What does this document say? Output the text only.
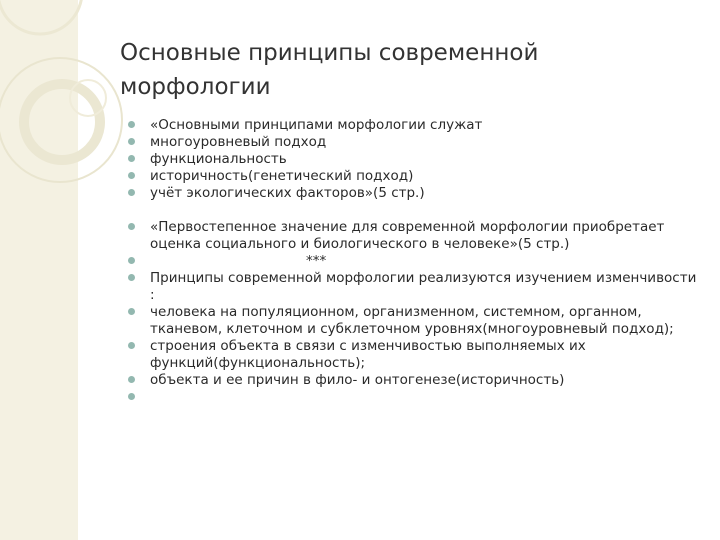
Основные принципы современной
морфологии
«Основными принципами морфологии служат
многоуровневый подход
функциональность
историчность(генетический подход)
учёт экологических факторов»(5 стр.)
«Первостепенное значение для современной морфологии приобретает оценка социального и биологического в человеке»(5 стр.)
***
Принципы современной морфологии реализуются изучением изменчивости :
человека на популяционном, организменном, системном, органном, тканевом, клеточном и субклеточном уровнях(многоуровневый подход);
строения объекта в связи с изменчивостью выполняемых их функций(функциональность);
объекта и ее причин в фило- и онтогенезе(историчность)
